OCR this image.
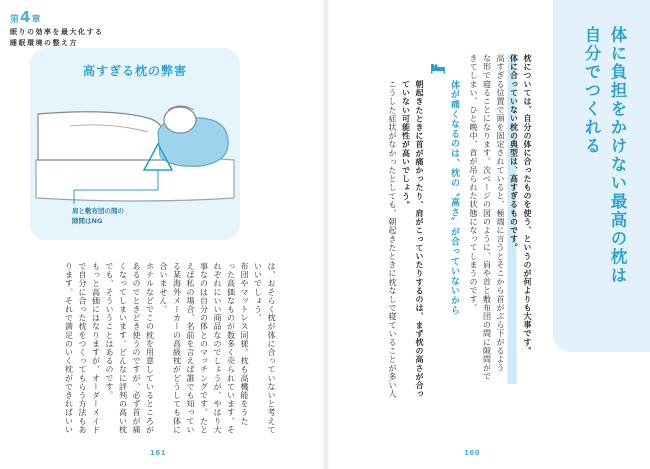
第4章
眠りの効率を最大化する
睡眠環境の整え方
高すぎる枕の弊害
肩と敷布団の間の
隙間はNG
は、おそらく枕が体に合っていないと考えて
いいでしょう。
布団やマットレス同様、枕も高機能をうた
った高価なものが数多く売られています。そ
れぞれにいい商品なのでしょうが、やはり大
事なのは自分の体とのマッチングです。たと
えば私の場合、名前を言えば誰でも知ってい
る某海外メーカーの高級枕がどうしても体に
合いません。
ホテルなどでこの枕を用意しているところが
あるのでときどき使うのですが、必ず首が痛
くなってしまいます。どんなに評判の高い枕
でも、そういうことはあるのです。
もっと高価にはなりますが、オーダーメイド
で自分に合った枕をつくってもらう方法もあ
ります。それで満足のいく枕ができればいい
161
体に負担をかけない最高の枕は
自分でつくれる
枕については、自分の体に合ったものを使う、というのが何よりも大事です。
体に合っていない枕の典型は、高すぎるものです。
高すぎる位置で頭を固定されていると、極端に言うとそこから首がぶら下がるよう
な形で寝ることになります。次ページの図のように、肩や首と敷布団の間に隙間がで
きてしまい、ひと晩中、首が吊られた状態になってしまうのです。
体が痛くなるのは、枕の〝高さ〟が合っていないから
朝起きたときに首が痛かったり、肩がこっていたりするのは、まず枕の高さが合っ
ていない可能性が高いでしょう。
こうした症状がなかったとしても、朝起きたときに枕なしで寝ていることが多い人
160
